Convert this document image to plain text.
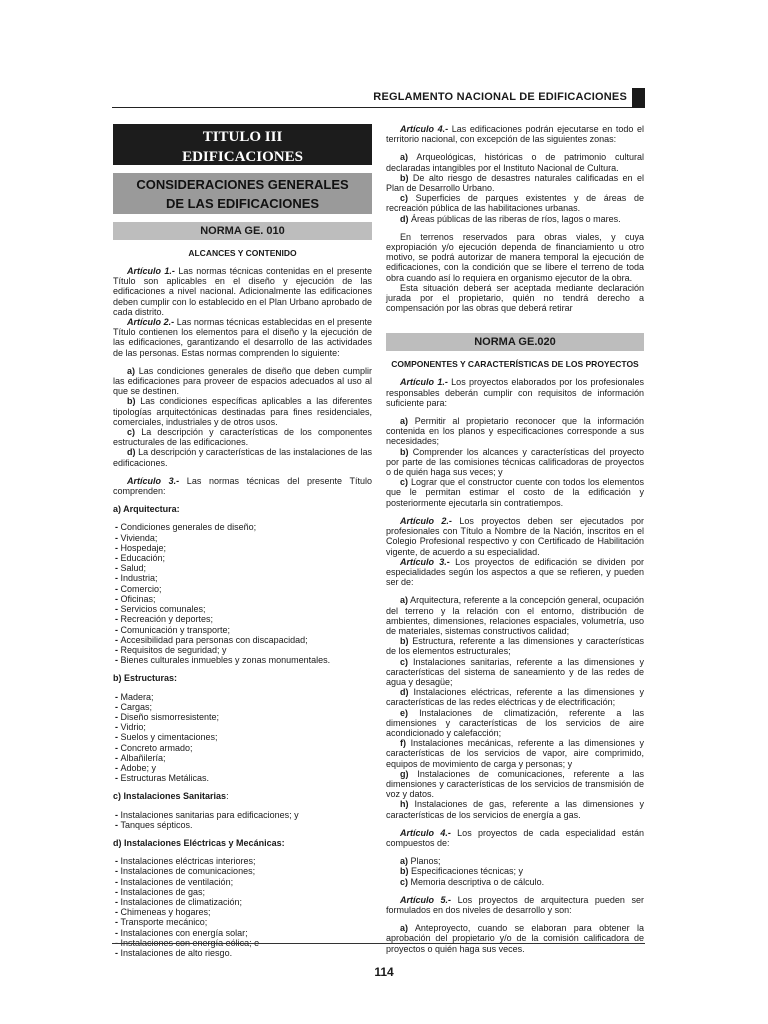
REGLAMENTO NACIONAL DE EDIFICACIONES
TITULO III
EDIFICACIONES
CONSIDERACIONES GENERALES
DE LAS EDIFICACIONES
NORMA GE. 010
ALCANCES Y CONTENIDO

Artículo 1.- Las normas técnicas contenidas en el presente Título son aplicables en el diseño y ejecución de las edificaciones a nivel nacional. Adicionalmente las edificaciones deben cumplir con lo establecido en el Plan Urbano aprobado de cada distrito.

Artículo 2.- Las normas técnicas establecidas en el presente Título contienen los elementos para el diseño y la ejecución de las edificaciones, garantizando el desarrollo de las actividades de las personas. Estas normas comprenden lo siguiente:

a) Las condiciones generales de diseño que deben cumplir las edificaciones para proveer de espacios adecuados al uso al que se destinen.

b) Las condiciones específicas aplicables a las diferentes tipologías arquitectónicas destinadas para fines residenciales, comerciales, industriales y de otros usos.

c) La descripción y características de los componentes estructurales de las edificaciones.

d) La descripción y características de las instalaciones de las edificaciones.

Artículo 3.- Las normas técnicas del presente Título comprenden:

a) Arquitectura:
- Condiciones generales de diseño;
- Vivienda;
- Hospedaje;
- Educación;
- Salud;
- Industria;
- Comercio;
- Oficinas;
- Servicios comunales;
- Recreación y deportes;
- Comunicación y transporte;
- Accesibilidad para personas con discapacidad;
- Requisitos de seguridad; y
- Bienes culturales inmuebles y zonas monumentales.
b) Estructuras:
- Madera;
- Cargas;
- Diseño sismorresistente;
- Vidrio;
- Suelos y cimentaciones;
- Concreto armado;
- Albañilería;
- Adobe; y
- Estructuras Metálicas.
c) Instalaciones Sanitarias:
- Instalaciones sanitarias para edificaciones; y
- Tanques sépticos.
d) Instalaciones Eléctricas y Mecánicas:
- Instalaciones eléctricas interiores;
- Instalaciones de comunicaciones;
- Instalaciones de ventilación;
- Instalaciones de gas;
- Instalaciones de climatización;
- Chimeneas y hogares;
- Transporte mecánico;
- Instalaciones con energía solar;
- Instalaciones con energía eólica; e
- Instalaciones de alto riesgo.

Artículo 4.- Las edificaciones podrán ejecutarse en todo el territorio nacional, con excepción de las siguientes zonas:

a) Arqueológicas, históricas o de patrimonio cultural declaradas intangibles por el Instituto Nacional de Cultura.

b) De alto riesgo de desastres naturales calificadas en el Plan de Desarrollo Urbano.

c) Superficies de parques existentes y de áreas de recreación pública de las habilitaciones urbanas.

d) Áreas públicas de las riberas de ríos, lagos o mares.

En terrenos reservados para obras viales, y cuya expropiación y/o ejecución dependa de financiamiento u otro motivo, se podrá autorizar de manera temporal la ejecución de edificaciones, con la condición que se libere el terreno de toda obra cuando así lo requiera en organismo ejecutor de la obra.

Esta situación deberá ser aceptada mediante declaración jurada por el propietario, quién no tendrá derecho a compensación por las obras que deberá retirar

NORMA GE.020
COMPONENTES Y CARACTERÍSTICAS DE LOS PROYECTOS

Artículo 1.- Los proyectos elaborados por los profesionales responsables deberán cumplir con requisitos de información suficiente para:

a) Permitir al propietario reconocer que la información contenida en los planos y especificaciones corresponde a sus necesidades;

b) Comprender los alcances y características del proyecto por parte de las comisiones técnicas calificadoras de proyectos o de quién haga sus veces; y

c) Lograr que el constructor cuente con todos los elementos que le permitan estimar el costo de la edificación y posteriormente ejecutarla sin contratiempos.

Artículo 2.- Los proyectos deben ser ejecutados por profesionales con Título a Nombre de la Nación, inscritos en el Colegio Profesional respectivo y con Certificado de Habilitación vigente, de acuerdo a su especialidad.

Artículo 3.- Los proyectos de edificación se dividen por especialidades según los aspectos a que se refieren, y pueden ser de:

a) Arquitectura, referente a la concepción general, ocupación del terreno y la relación con el entorno, distribución de ambientes, dimensiones, relaciones espaciales, volumetría, uso de materiales, sistemas constructivos calidad;

b) Estructura, referente a las dimensiones y características de los elementos estructurales;

c) Instalaciones sanitarias, referente a las dimensiones y características del sistema de saneamiento y de las redes de agua y desagüe;

d) Instalaciones eléctricas, referente a las dimensiones y características de las redes eléctricas y de electrificación;

e) Instalaciones de climatización, referente a las dimensiones y características de los servicios de aire acondicionado y calefacción;

f) Instalaciones mecánicas, referente a las dimensiones y características de los servicios de vapor, aire comprimido, equipos de movimiento de carga y personas; y

g) Instalaciones de comunicaciones, referente a las dimensiones y características de los servicios de transmisión de voz y datos.

h) Instalaciones de gas, referente a las dimensiones y características de los servicios de energía a gas.

Artículo 4.- Los proyectos de cada especialidad están compuestos de:

a) Planos;

b) Especificaciones técnicas; y

c) Memoria descriptiva o de cálculo.

Artículo 5.- Los proyectos de arquitectura pueden ser formulados en dos niveles de desarrollo y son:

a) Anteproyecto, cuando se elaboran para obtener la aprobación del propietario y/o de la comisión calificadora de proyectos o quién haga sus veces.

114
